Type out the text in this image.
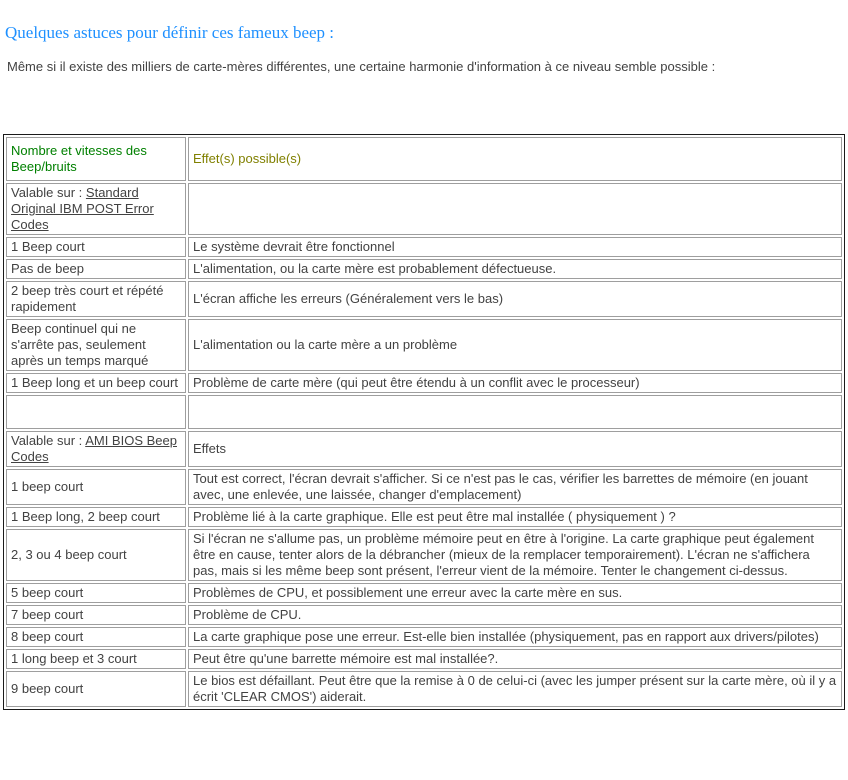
Quelques astuces pour définir ces fameux beep :
Même si il existe des milliers de carte-mères différentes, une certaine harmonie d'information à ce niveau semble possible :
Nombre et vitesses des Beep/bruits	Effet(s) possible(s)
Valable sur : Standard Original IBM POST Error Codes	
1 Beep court	Le système devrait être fonctionnel
Pas de beep	L'alimentation, ou la carte mère est probablement défectueuse.
2 beep très court et répété rapidement	L'écran affiche les erreurs (Généralement vers le bas)
Beep continuel qui ne s'arrête pas, seulement après un temps marqué	L'alimentation ou la carte mère a un problème
1 Beep long et un beep court	Problème de carte mère (qui peut être étendu à un conflit avec le processeur)

Valable sur : AMI BIOS Beep Codes	Effets
1 beep court	Tout est correct, l'écran devrait s'afficher. Si ce n'est pas le cas, vérifier les barrettes de mémoire (en jouant avec, une enlevée, une laissée, changer d'emplacement)
1 Beep long, 2 beep court	Problème lié à la carte graphique. Elle est peut être mal installée ( physiquement ) ?
2, 3 ou 4 beep court	Si l'écran ne s'allume pas, un problème mémoire peut en être à l'origine. La carte graphique peut également être en cause, tenter alors de la débrancher (mieux de la remplacer temporairement). L'écran ne s'affichera pas, mais si les même beep sont présent, l'erreur vient de la mémoire. Tenter le changement ci-dessus.
5 beep court	Problèmes de CPU, et possiblement une erreur avec la carte mère en sus.
7 beep court	Problème de CPU.
8 beep court	La carte graphique pose une erreur. Est-elle bien installée (physiquement, pas en rapport aux drivers/pilotes)
1 long beep et 3 court	Peut être qu'une barrette mémoire est mal installée?.
9 beep court	Le bios est défaillant. Peut être que la remise à 0 de celui-ci (avec les jumper présent sur la carte mère, où il y a écrit 'CLEAR CMOS') aiderait.
